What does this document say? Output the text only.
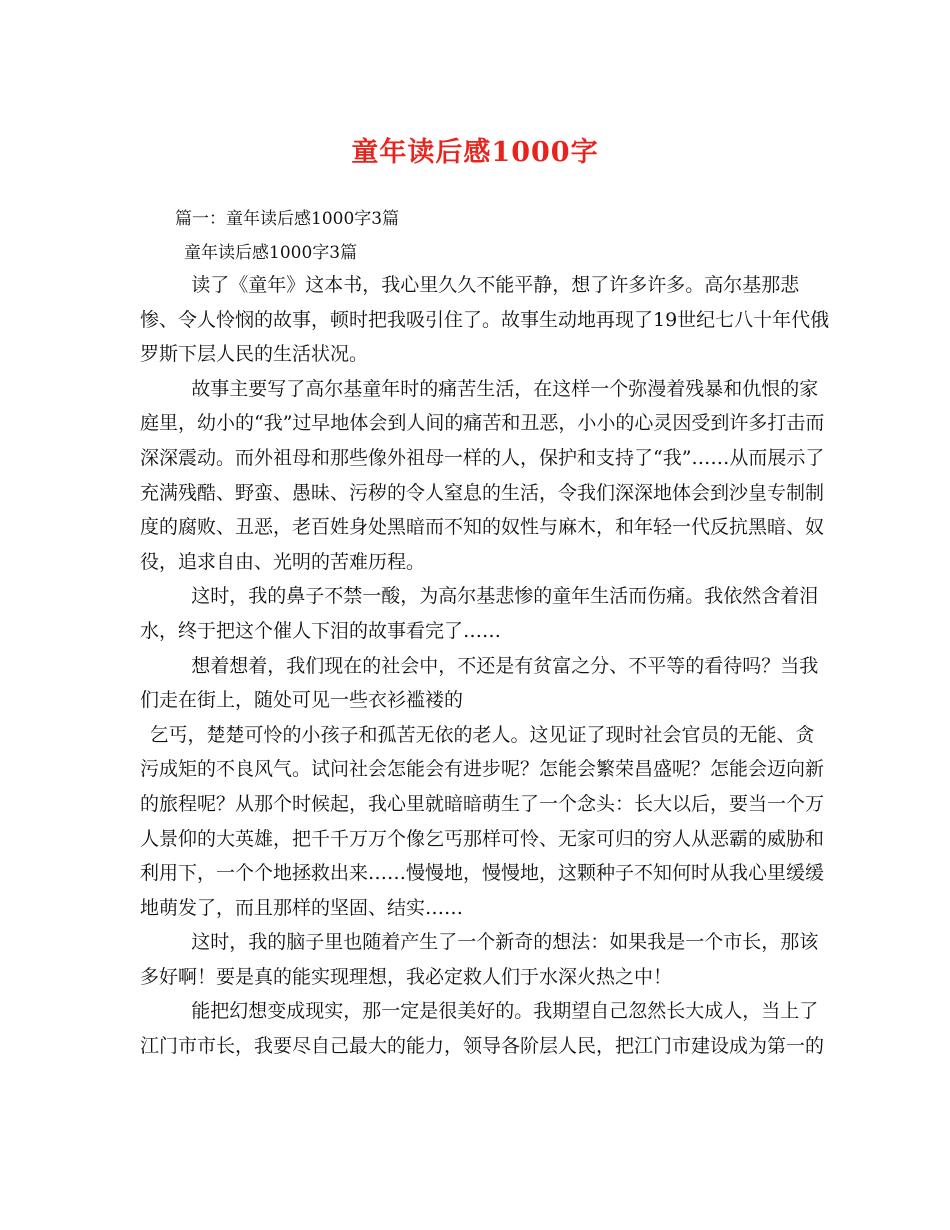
童年读后感1000字
篇一：童年读后感1000字3篇
童年读后感1000字3篇

读了《童年》这本书，我心里久久不能平静，想了许多许多。高尔基那悲惨、令人怜悯的故事，顿时把我吸引住了。故事生动地再现了19世纪七八十年代俄罗斯下层人民的生活状况。

故事主要写了高尔基童年时的痛苦生活，在这样一个弥漫着残暴和仇恨的家庭里，幼小的“我”过早地体会到人间的痛苦和丑恶，小小的心灵因受到许多打击而深深震动。而外祖母和那些像外祖母一样的人，保护和支持了“我”……从而展示了充满残酷、野蛮、愚昧、污秽的令人窒息的生活，令我们深深地体会到沙皇专制制度的腐败、丑恶，老百姓身处黑暗而不知的奴性与麻木，和年轻一代反抗黑暗、奴役，追求自由、光明的苦难历程。

这时，我的鼻子不禁一酸，为高尔基悲惨的童年生活而伤痛。我依然含着泪水，终于把这个催人下泪的故事看完了……

想着想着，我们现在的社会中，不还是有贫富之分、不平等的看待吗？当我们走在街上，随处可见一些衣衫褴褛的

乞丐，楚楚可怜的小孩子和孤苦无依的老人。这见证了现时社会官员的无能、贪污成矩的不良风气。试问社会怎能会有进步呢？怎能会繁荣昌盛呢？怎能会迈向新的旅程呢？从那个时候起，我心里就暗暗萌生了一个念头：长大以后，要当一个万人景仰的大英雄，把千千万万个像乞丐那样可怜、无家可归的穷人从恶霸的威胁和利用下，一个个地拯救出来……慢慢地，慢慢地，这颗种子不知何时从我心里缓缓地萌发了，而且那样的坚固、结实……

这时，我的脑子里也随着产生了一个新奇的想法：如果我是一个市长，那该多好啊！要是真的能实现理想，我必定救人们于水深火热之中！

能把幻想变成现实，那一定是很美好的。我期望自己忽然长大成人，当上了江门市市长，我要尽自己最大的能力，领导各阶层人民，把江门市建设成为第一的
